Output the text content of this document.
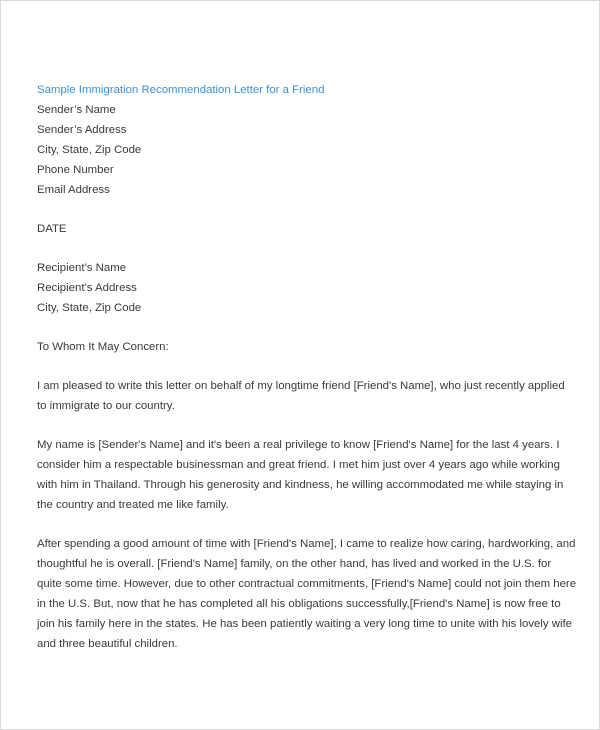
Sample Immigration Recommendation Letter for a Friend
Sender’s Name
Sender’s Address
City, State, Zip Code
Phone Number
Email Address
DATE
Recipient’s Name
Recipient’s Address
City, State, Zip Code
To Whom It May Concern:

I am pleased to write this letter on behalf of my longtime friend [Friend's Name], who just recently applied to immigrate to our country.

My name is [Sender's Name] and it's been a real privilege to know [Friend's Name] for the last 4 years. I consider him a respectable businessman and great friend. I met him just over 4 years ago while working with him in Thailand. Through his generosity and kindness, he willing accommodated me while staying in the country and treated me like family.

After spending a good amount of time with [Friend's Name], I came to realize how caring, hardworking, and thoughtful he is overall. [Friend's Name] family, on the other hand, has lived and worked in the U.S. for quite some time. However, due to other contractual commitments, [Friend's Name] could not join them here in the U.S. But, now that he has completed all his obligations successfully,[Friend's Name] is now free to join his family here in the states. He has been patiently waiting a very long time to unite with his lovely wife and three beautiful children.
